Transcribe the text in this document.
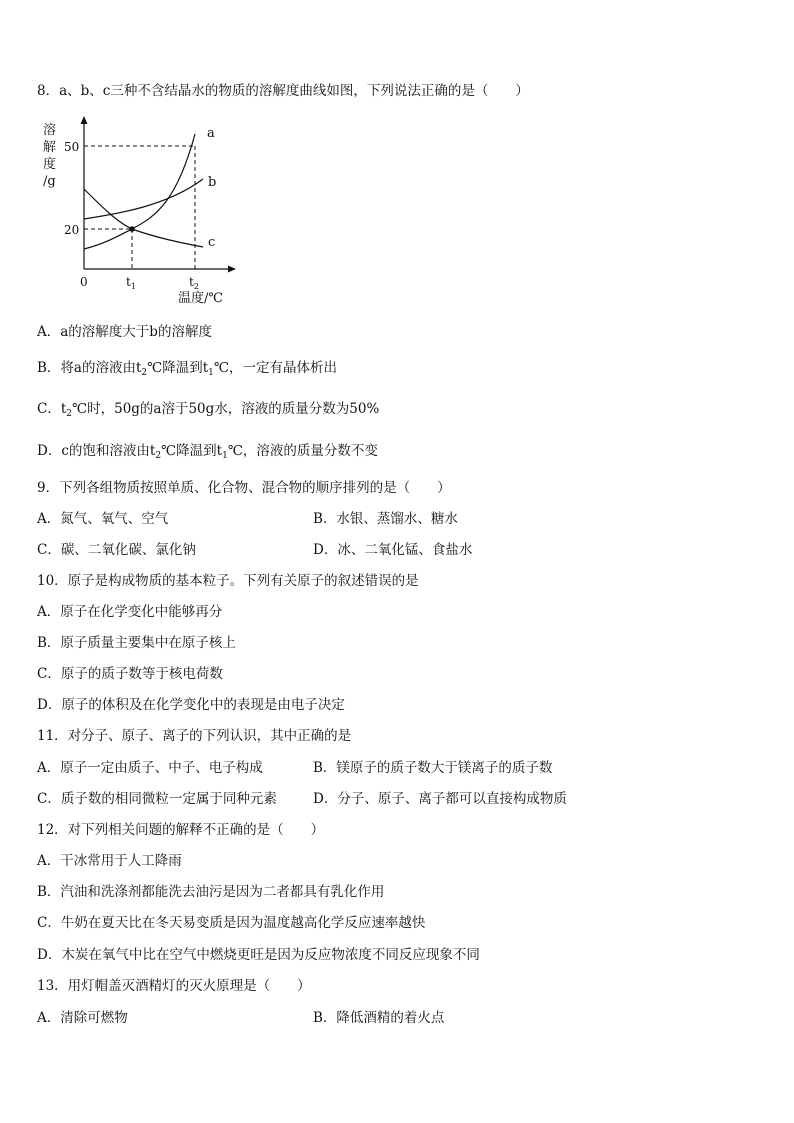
8．a、b、c三种不含结晶水的物质的溶解度曲线如图，下列说法正确的是（　　）
溶
解
度
/g
50
20
0	$t_1$	$t_2$
温度/℃
a
b
c
A．a的溶解度大于b的溶解度
B．将a的溶液由$t_2℃$降温到$t_1℃$，一定有晶体析出
C．$t_2℃$时，50g的a溶于50g水，溶液的质量分数为50%
D．c的饱和溶液由$t_2℃$降温到$t_1℃$，溶液的质量分数不变
9．下列各组物质按照单质、化合物、混合物的顺序排列的是（　　）
A．氮气、氧气、空气	B．水银、蒸馏水、糖水
C．碳、二氧化碳、氯化钠	D．冰、二氧化锰、食盐水
10．原子是构成物质的基本粒子。下列有关原子的叙述错误的是
A．原子在化学变化中能够再分
B．原子质量主要集中在原子核上
C．原子的质子数等于核电荷数
D．原子的体积及在化学变化中的表现是由电子决定
11．对分子、原子、离子的下列认识，其中正确的是
A．原子一定由质子、中子、电子构成	B．镁原子的质子数大于镁离子的质子数
C．质子数的相同微粒一定属于同种元素	D．分子、原子、离子都可以直接构成物质
12．对下列相关问题的解释不正确的是（　　）
A．干冰常用于人工降雨
B．汽油和洗涤剂都能洗去油污是因为二者都具有乳化作用
C．牛奶在夏天比在冬天易变质是因为温度越高化学反应速率越快
D．木炭在氧气中比在空气中燃烧更旺是因为反应物浓度不同反应现象不同
13．用灯帽盖灭酒精灯的灭火原理是（　　）
A．清除可燃物	B．降低酒精的着火点
